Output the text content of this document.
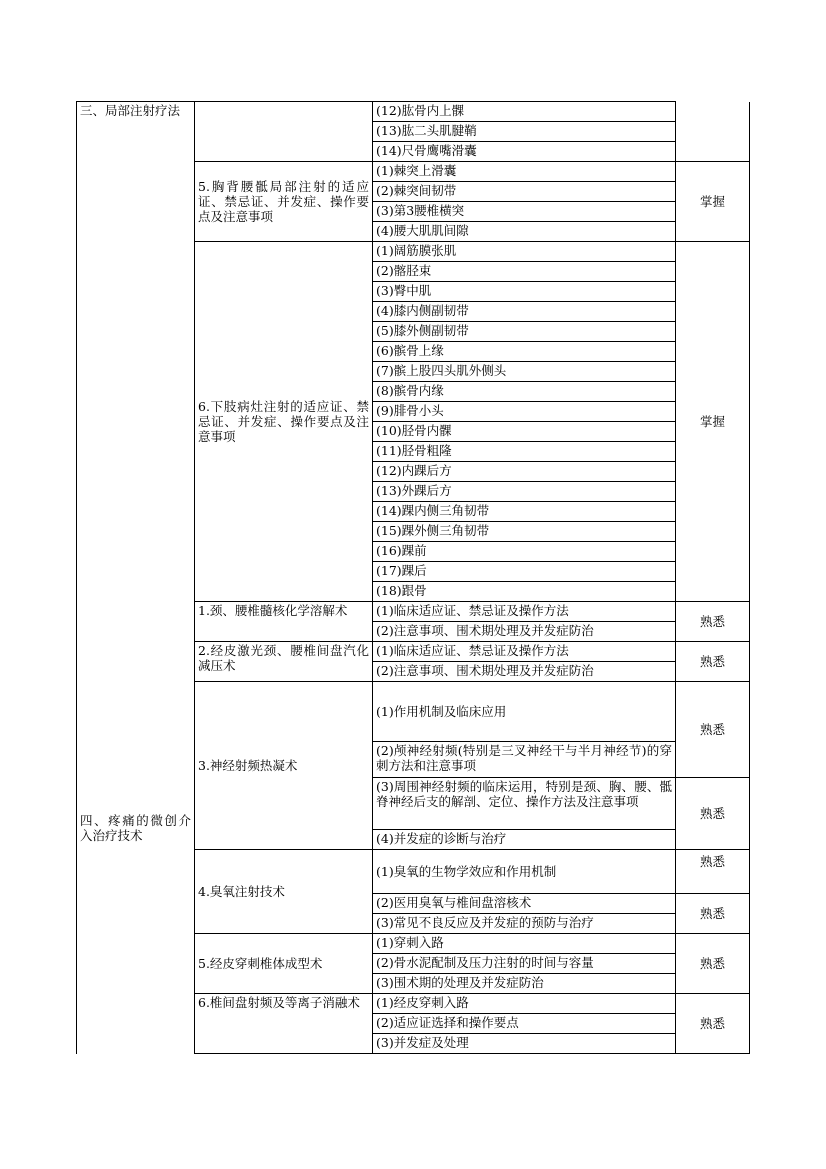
三、局部注射疗法		(12)肱骨内上髁	
		(13)肱二头肌腱鞘	
		(14)尺骨鹰嘴滑囊	
	5.胸背腰骶局部注射的适应证、禁忌证、并发症、操作要点及注意事项	(1)棘突上滑囊	掌握
		(2)棘突间韧带	
		(3)第3腰椎横突	
		(4)腰大肌肌间隙	
	6.下肢病灶注射的适应证、禁忌证、并发症、操作要点及注意事项	(1)阔筋膜张肌	掌握
		(2)髂胫束	
		(3)臀中肌	
		(4)膝内侧副韧带	
		(5)膝外侧副韧带	
		(6)髌骨上缘	
		(7)髌上股四头肌外侧头	
		(8)髌骨内缘	
		(9)腓骨小头	
		(10)胫骨内髁	
		(11)胫骨粗隆	
		(12)内踝后方	
		(13)外踝后方	
		(14)踝内侧三角韧带	
		(15)踝外侧三角韧带	
		(16)踝前	
		(17)踝后	
		(18)跟骨	
四、疼痛的微创介入治疗技术	1.颈、腰椎髓核化学溶解术	(1)临床适应证、禁忌证及操作方法	熟悉
		(2)注意事项、围术期处理及并发症防治	
	2.经皮激光颈、腰椎间盘汽化减压术	(1)临床适应证、禁忌证及操作方法	熟悉
		(2)注意事项、围术期处理及并发症防治	
	3.神经射频热凝术	(1)作用机制及临床应用	熟悉
		(2)颅神经射频(特别是三叉神经干与半月神经节)的穿刺方法和注意事项	
		(3)周围神经射频的临床运用，特别是颈、胸、腰、骶脊神经后支的解剖、定位、操作方法及注意事项	熟悉
		(4)并发症的诊断与治疗	
	4.臭氧注射技术	(1)臭氧的生物学效应和作用机制	熟悉
		(2)医用臭氧与椎间盘溶核术	熟悉
		(3)常见不良反应及并发症的预防与治疗	
	5.经皮穿刺椎体成型术	(1)穿刺入路	熟悉
		(2)骨水泥配制及压力注射的时间与容量	
		(3)围术期的处理及并发症防治	
	6.椎间盘射频及等离子消融术	(1)经皮穿刺入路	熟悉
		(2)适应证选择和操作要点	
		(3)并发症及处理	
